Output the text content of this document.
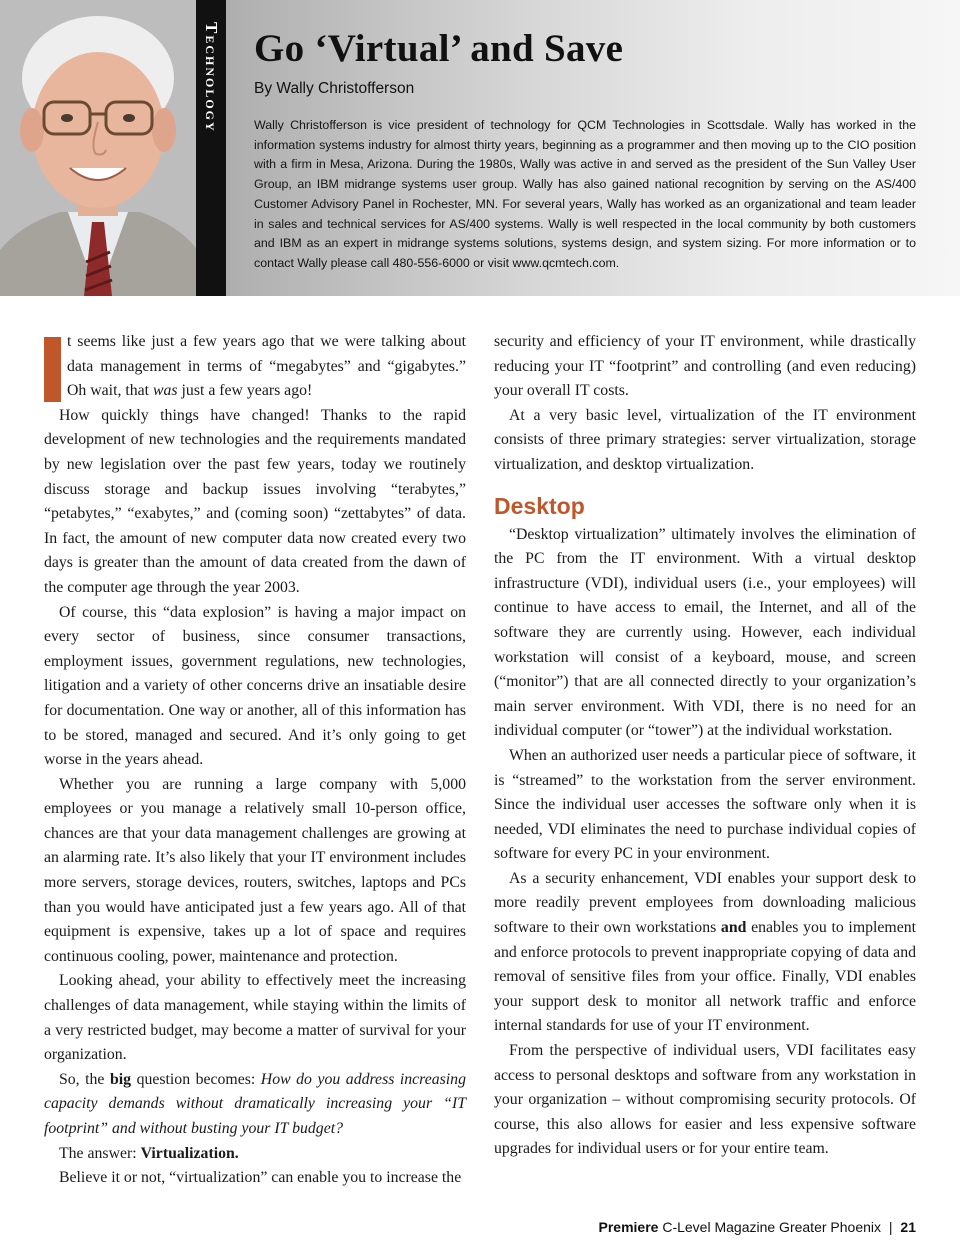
Technology Go ‘Virtual’ and Save
By Wally Christofferson

Wally Christofferson is vice president of technology for QCM Technologies in Scottsdale. Wally has worked in the information systems industry for almost thirty years, beginning as a programmer and then moving up to the CIO position with a firm in Mesa, Arizona. During the 1980s, Wally was active in and served as the president of the Sun Valley User Group, an IBM midrange systems user group. Wally has also gained national recognition by serving on the AS/400 Customer Advisory Panel in Rochester, MN. For several years, Wally has worked as an organizational and team leader in sales and technical services for AS/400 systems. Wally is well respected in the local community by both customers and IBM as an expert in midrange systems solutions, systems design, and system sizing. For more information or to contact Wally please call 480-556-6000 or visit www.qcmtech.com.

t seems like just a few years ago that we were talking about data management in terms of “megabytes” and “gigabytes.” Oh wait, that was just a few years ago!

How quickly things have changed! Thanks to the rapid development of new technologies and the requirements mandated by new legislation over the past few years, today we routinely discuss storage and backup issues involving “terabytes,” “petabytes,” “exabytes,” and (coming soon) “zettabytes” of data. In fact, the amount of new computer data now created every two days is greater than the amount of data created from the dawn of the computer age through the year 2003.

Of course, this “data explosion” is having a major impact on every sector of business, since consumer transactions, employment issues, government regulations, new technologies, litigation and a variety of other concerns drive an insatiable desire for documentation. One way or another, all of this information has to be stored, managed and secured. And it’s only going to get worse in the years ahead.

Whether you are running a large company with 5,000 employees or you manage a relatively small 10-person office, chances are that your data management challenges are growing at an alarming rate. It’s also likely that your IT environment includes more servers, storage devices, routers, switches, laptops and PCs than you would have anticipated just a few years ago. All of that equipment is expensive, takes up a lot of space and requires continuous cooling, power, maintenance and protection.

Looking ahead, your ability to effectively meet the increasing challenges of data management, while staying within the limits of a very restricted budget, may become a matter of survival for your organization.

So, the big question becomes: How do you address increasing capacity demands without dramatically increasing your “IT footprint” and without busting your IT budget?

The answer: Virtualization.

Believe it or not, “virtualization” can enable you to increase the

security and efficiency of your IT environment, while drastically reducing your IT “footprint” and controlling (and even reducing) your overall IT costs.

At a very basic level, virtualization of the IT environment consists of three primary strategies: server virtualization, storage virtualization, and desktop virtualization.

Desktop

“Desktop virtualization” ultimately involves the elimination of the PC from the IT environment. With a virtual desktop infrastructure (VDI), individual users (i.e., your employees) will continue to have access to email, the Internet, and all of the software they are currently using. However, each individual workstation will consist of a keyboard, mouse, and screen (“monitor”) that are all connected directly to your organization’s main server environment. With VDI, there is no need for an individual computer (or “tower”) at the individual workstation.

When an authorized user needs a particular piece of software, it is “streamed” to the workstation from the server environment. Since the individual user accesses the software only when it is needed, VDI eliminates the need to purchase individual copies of software for every PC in your environment.

As a security enhancement, VDI enables your support desk to more readily prevent employees from downloading malicious software to their own workstations and enables you to implement and enforce protocols to prevent inappropriate copying of data and removal of sensitive files from your office. Finally, VDI enables your support desk to monitor all network traffic and enforce internal standards for use of your IT environment.

From the perspective of individual users, VDI facilitates easy access to personal desktops and software from any workstation in your organization – without compromising security protocols. Of course, this also allows for easier and less expensive software upgrades for individual users or for your entire team.

Premiere C-Level Magazine Greater Phoenix | 21
